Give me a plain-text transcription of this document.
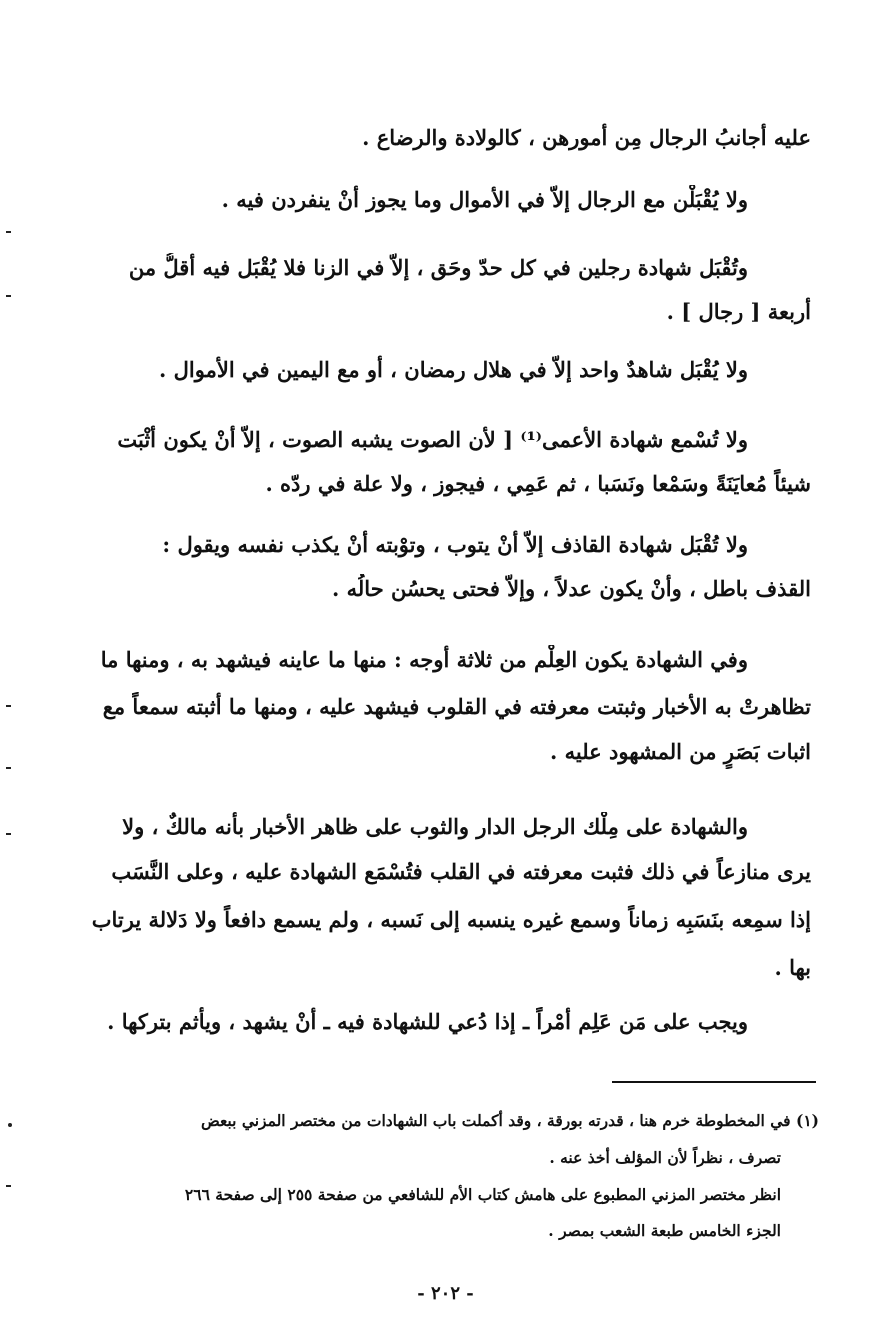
عليه أجانبُ الرجال مِن أمورهن ، كالولادة والرضاع .
ولا يُقْبَلْن مع الرجال إلاّ في الأموال وما يجوز أنْ ينفردن فيه .
وتُقْبَل شهادة رجلين في كل حدّ وحَق ، إلاّ في الزنا فلا يُقْبَل فيه أقلُّ من
أربعة [ رجال ] .
ولا يُقْبَل شاهدٌ واحد إلاّ في هلال رمضان ، أو مع اليمين في الأموال .
ولا تُسْمع شهادة الأعمى⁽¹⁾ [ لأن الصوت يشبه الصوت ، إلاّ أنْ يكون أثْبَت
شيئاً مُعايَنَةً وسَمْعا ونَسَبا ، ثم عَمِي ، فيجوز ، ولا علة في ردّه .
ولا تُقْبَل شهادة القاذف إلاّ أنْ يتوب ، وتوْبته أنْ يكذب نفسه ويقول :
القذف باطل ، وأنْ يكون عدلاً ، وإلاّ فحتى يحسُن حالُه .
وفي الشهادة يكون العِلْم من ثلاثة أوجه : منها ما عاينه فيشهد به ، ومنها ما
تظاهرتْ به الأخبار وثبتت معرفته في القلوب فيشهد عليه ، ومنها ما أثبته سمعاً مع
اثبات بَصَرٍ من المشهود عليه .
والشهادة على مِلْك الرجل الدار والثوب على ظاهر الأخبار بأنه مالكٌ ، ولا
يرى منازعاً في ذلك فثبت معرفته في القلب فتُسْمَع الشهادة عليه ، وعلى النَّسَب
إذا سمِعه بنَسَبِه زماناً وسمع غيره ينسبه إلى نَسبه ، ولم يسمع دافعاً ولا دَلالة يرتاب
بها .
ويجب على مَن عَلِم أمْراً ـ إذا دُعي للشهادة فيه ـ أنْ يشهد ، ويأْثم بتركها .
(١) في المخطوطة خرم هنا ، قدرته بورقة ، وقد أكملت باب الشهادات من مختصر المزني ببعض
تصرف ، نظراً لأن المؤلف أخذ عنه .
انظر مختصر المزني المطبوع على هامش كتاب الأم للشافعي من صفحة ٢٥٥ إلى صفحة ٢٦٦
الجزء الخامس طبعة الشعب بمصر .
- ٢٠٢ -
